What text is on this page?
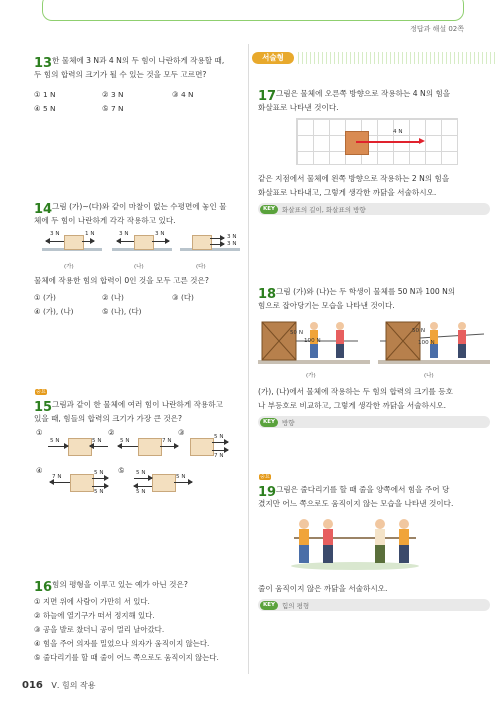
정답과 해설 02쪽
13 한 물체에 3 N과 4 N의 두 힘이 나란하게 작용할 때,
두 힘의 합력의 크기가 될 수 있는 것을 모두 고르면?
① 1 N	② 3 N	③ 4 N
④ 5 N	⑤ 7 N
14 그림 (가)~(다)와 같이 마찰이 없는 수평면에 놓인 물
체에 두 힘이 나란하게 각각 작용하고 있다.
3 N	1 N	3 N	3 N	3 N
3 N
(가)	(나)	(다)
물체에 작용한 힘의 합력이 0인 것을 모두 고른 것은?
① (가)	② (나)	③ (다)
④ (가), (나)	⑤ (나), (다)
중요
15 그림과 같이 한 물체에 여러 힘이 나란하게 작용하고
있을 때, 힘들의 합력의 크기가 가장 큰 것은?
①
5 N	5 N
②
5 N	7 N
③	5 N
7 N
④
7 N
5 N
5 N
⑤ 5 N
5 N
5 N
16 힘의 평형을 이루고 있는 예가 아닌 것은?
① 지면 위에 사람이 가만히 서 있다.
② 하늘에 열기구가 떠서 정지해 있다.
③ 공을 발로 찼더니 공이 멀리 날아갔다.
④ 힘을 주어 의자를 밀었으나 의자가 움직이지 않는다.
⑤ 줄다리기를 할 때 줄이 어느 쪽으로도 움직이지 않는다.
서술형
17 그림은 물체에 오른쪽 방향으로 작용하는 4 N의 힘을
화살표로 나타낸 것이다.
4 N
같은 지점에서 물체에 왼쪽 방향으로 작용하는 2 N의 힘을
화살표로 나타내고, 그렇게 생각한 까닭을 서술하시오.
KEY	화살표의 길이, 화살표의 방향
18 그림 (가)와 (나)는 두 학생이 물체를 50 N과 100 N의
힘으로 잡아당기는 모습을 나타낸 것이다.
50 N
100 N
50 N
100 N
(가)	(나)
(가), (나)에서 물체에 작용하는 두 힘의 합력의 크기를 등호
나 부등호로 비교하고, 그렇게 생각한 까닭을 서술하시오.
KEY	방향
중요
19 그림은 줄다리기를 할 때 줄을 양쪽에서 힘을 주어 당
겼지만 어느 쪽으로도 움직이지 않는 모습을 나타낸 것이다.
줄이 움직이지 않은 까닭을 서술하시오.
KEY	힘의 평형
016 Ⅴ. 힘의 작용
